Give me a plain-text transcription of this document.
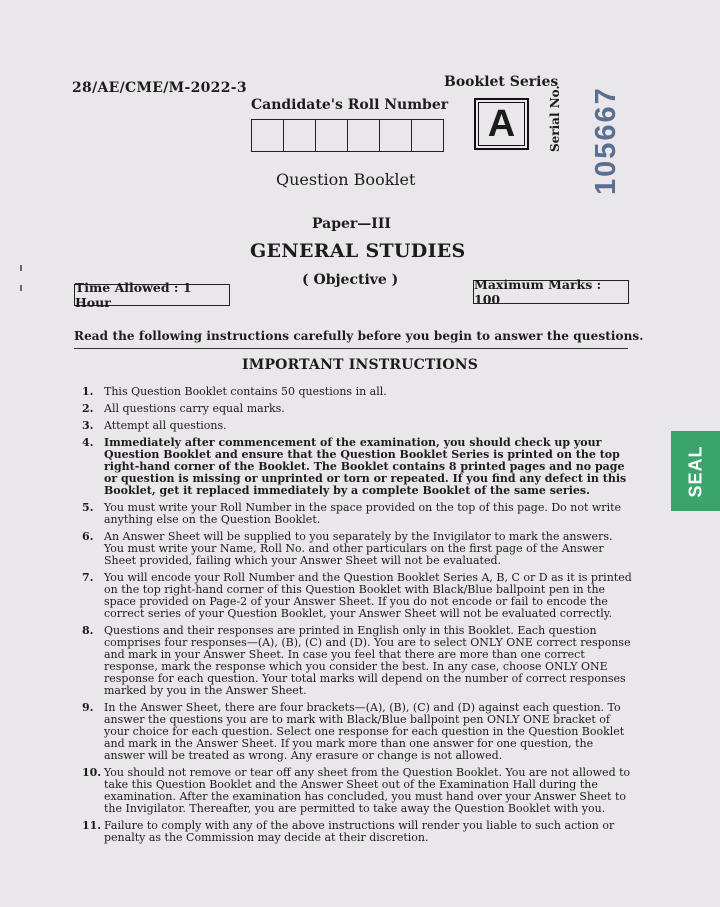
28/AE/CME/M-2022-3	Booklet Series
Candidate's Roll Number	A	Serial No. 105667
Question Booklet
Paper—III
GENERAL STUDIES
( Objective )
Time Allowed : 1 Hour
Maximum Marks : 100
Read the following instructions carefully before you begin to answer the questions.
IMPORTANT INSTRUCTIONS
1. This Question Booklet contains 50 questions in all.
2. All questions carry equal marks.
3. Attempt all questions.
4. Immediately after commencement of the examination, you should check up your Question Booklet and ensure that the Question Booklet Series is printed on the top right-hand corner of the Booklet. The Booklet contains 8 printed pages and no page or question is missing or unprinted or torn or repeated. If you find any defect in this Booklet, get it replaced immediately by a complete Booklet of the same series.
5. You must write your Roll Number in the space provided on the top of this page. Do not write anything else on the Question Booklet.
6. An Answer Sheet will be supplied to you separately by the Invigilator to mark the answers. You must write your Name, Roll No. and other particulars on the first page of the Answer Sheet provided, failing which your Answer Sheet will not be evaluated.
7. You will encode your Roll Number and the Question Booklet Series A, B, C or D as it is printed on the top right-hand corner of this Question Booklet with Black/Blue ballpoint pen in the space provided on Page-2 of your Answer Sheet. If you do not encode or fail to encode the correct series of your Question Booklet, your Answer Sheet will not be evaluated correctly.
8. Questions and their responses are printed in English only in this Booklet. Each question comprises four responses—(A), (B), (C) and (D). You are to select ONLY ONE correct response and mark in your Answer Sheet. In case you feel that there are more than one correct response, mark the response which you consider the best. In any case, choose ONLY ONE response for each question. Your total marks will depend on the number of correct responses marked by you in the Answer Sheet.
9. In the Answer Sheet, there are four brackets—(A), (B), (C) and (D) against each question. To answer the questions you are to mark with Black/Blue ballpoint pen ONLY ONE bracket of your choice for each question. Select one response for each question in the Question Booklet and mark in the Answer Sheet. If you mark more than one answer for one question, the answer will be treated as wrong. Any erasure or change is not allowed.
10. You should not remove or tear off any sheet from the Question Booklet. You are not allowed to take this Question Booklet and the Answer Sheet out of the Examination Hall during the examination. After the examination has concluded, you must hand over your Answer Sheet to the Invigilator. Thereafter, you are permitted to take away the Question Booklet with you.
11. Failure to comply with any of the above instructions will render you liable to such action or penalty as the Commission may decide at their discretion.
SEAL
